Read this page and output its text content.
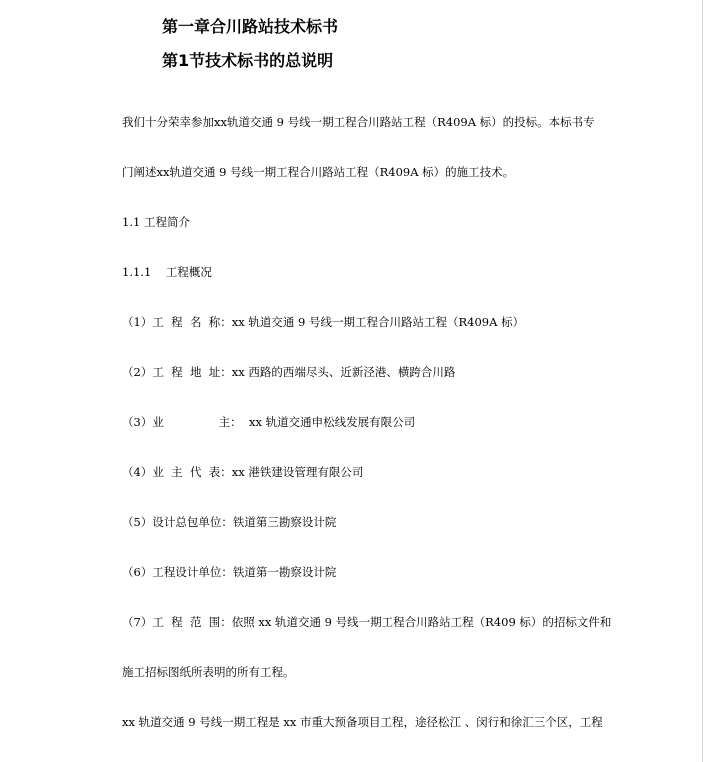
第一章合川路站技术标书
第1节技术标书的总说明
我们十分荣幸参加xx轨道交通 9 号线一期工程合川路站工程（R409A 标）的投标。本标书专
门阐述xx轨道交通 9 号线一期工程合川路站工程（R409A 标）的施工技术。
1.1 工程简介
1.1.1    工程概况
（1）工  程  名  称：xx 轨道交通 9 号线一期工程合川路站工程（R409A 标）
（2）工  程  地  址：xx 西路的西端尽头、近新泾港、横跨合川路
（3）业               主：  xx 轨道交通申松线发展有限公司
（4）业  主  代  表：xx 港铁建设管理有限公司
（5）设计总包单位：铁道第三勘察设计院
（6）工程设计单位：铁道第一勘察设计院
（7）工  程  范  围：依照 xx 轨道交通 9 号线一期工程合川路站工程（R409 标）的招标文件和
施工招标图纸所表明的所有工程。
xx 轨道交通 9 号线一期工程是 xx 市重大预备项目工程，途径松江 、闵行和徐汇三个区，工程
